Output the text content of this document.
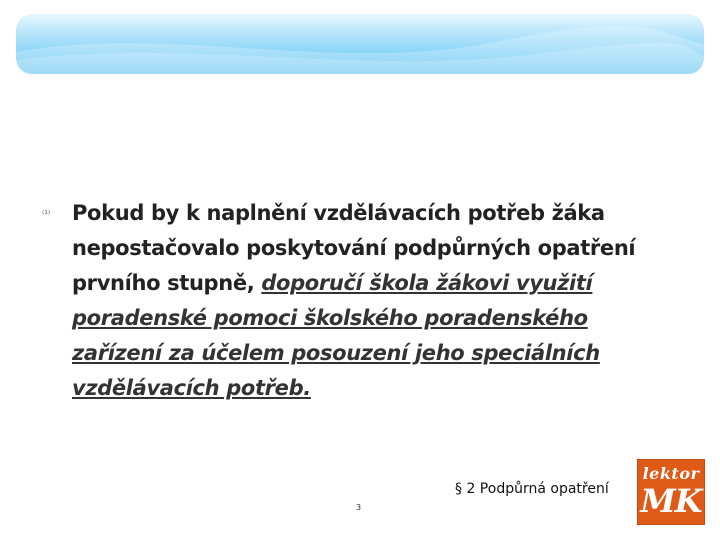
⁽¹⁾ Pokud by k naplnění vzdělávacích potřeb žáka nepostačovalo poskytování podpůrných opatření prvního stupně, doporučí škola žákovi využití poradenské pomoci školského poradenského zařízení za účelem posouzení jeho speciálních vzdělávacích potřeb.

§ 2 Podpůrná opatření
3
lektor
MK
